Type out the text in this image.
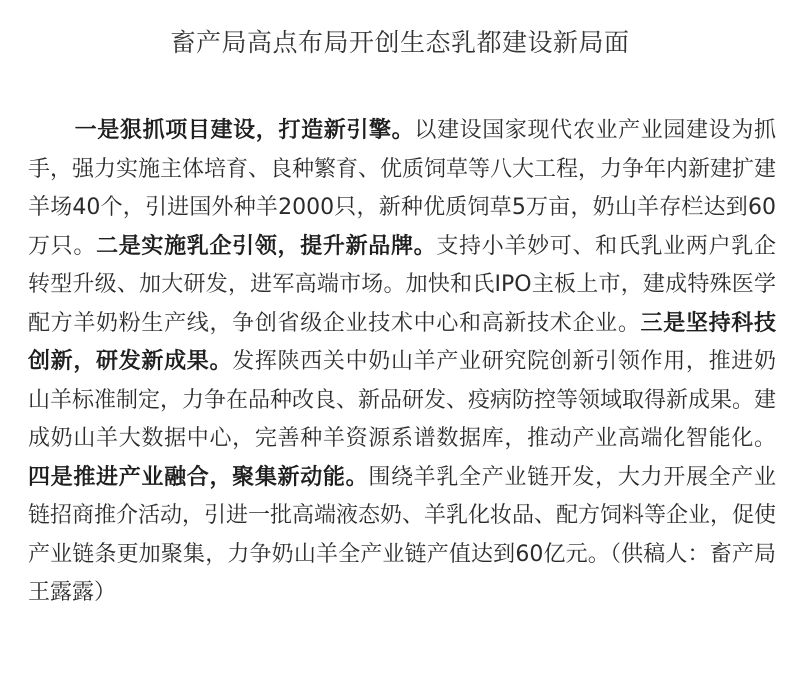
畜产局高点布局开创生态乳都建设新局面

一是狠抓项目建设，打造新引擎。以建设国家现代农业产业园建设为抓手，强力实施主体培育、良种繁育、优质饲草等八大工程，力争年内新建扩建羊场40个，引进国外种羊2000只，新种优质饲草5万亩，奶山羊存栏达到60万只。二是实施乳企引领，提升新品牌。支持小羊妙可、和氏乳业两户乳企转型升级、加大研发，进军高端市场。加快和氏IPO主板上市，建成特殊医学配方羊奶粉生产线，争创省级企业技术中心和高新技术企业。三是坚持科技创新，研发新成果。发挥陕西关中奶山羊产业研究院创新引领作用，推进奶山羊标准制定，力争在品种改良、新品研发、疫病防控等领域取得新成果。建成奶山羊大数据中心，完善种羊资源系谱数据库，推动产业高端化智能化。四是推进产业融合，聚集新动能。围绕羊乳全产业链开发，大力开展全产业链招商推介活动，引进一批高端液态奶、羊乳化妆品、配方饲料等企业，促使产业链条更加聚集，力争奶山羊全产业链产值达到60亿元。（供稿人：畜产局 王露露）
